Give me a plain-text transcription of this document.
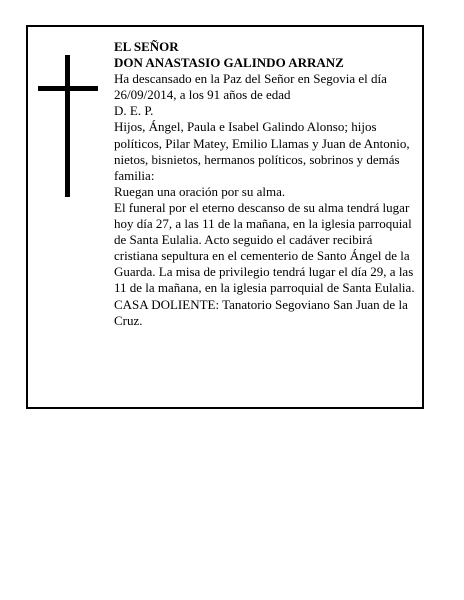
EL SEÑOR

DON ANASTASIO GALINDO ARRANZ

Ha descansado en la Paz del Señor en Segovia el día 26/09/2014, a los 91 años de edad

D. E. P.

Hijos, Ángel, Paula e Isabel Galindo Alonso; hijos políticos, Pilar Matey, Emilio Llamas y Juan de Antonio, nietos, bisnietos, hermanos políticos, sobrinos y demás familia:

Ruegan una oración por su alma.

El funeral por el eterno descanso de su alma tendrá lugar hoy día 27, a las 11 de la mañana, en la iglesia parroquial de Santa Eulalia. Acto seguido el cadáver recibirá cristiana sepultura en el cementerio de Santo Ángel de la Guarda. La misa de privilegio tendrá lugar el día 29, a las 11 de la mañana, en la iglesia parroquial de Santa Eulalia.

CASA DOLIENTE: Tanatorio Segoviano San Juan de la Cruz.
